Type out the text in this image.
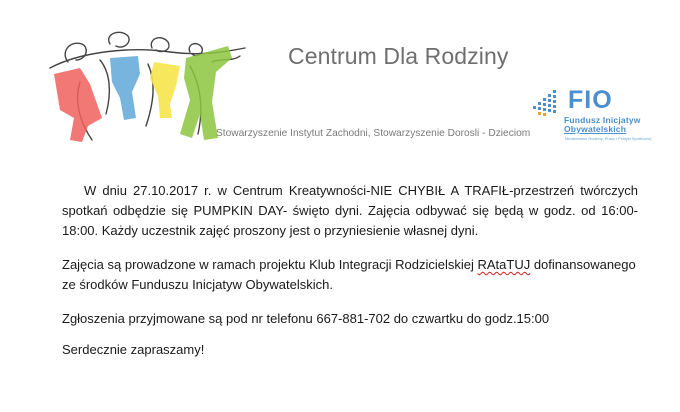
Centrum Dla Rodziny
Stowarzyszenie Instytut Zachodni, Stowarzyszenie Dorosli - Dzieciom
FIO
Fundusz Inicjatyw
Obywatelskich
Ministerstwo Rodziny, Pracy i Polityki Społecznej

W dniu 27.10.2017 r. w Centrum Kreatywności-NIE CHYBIŁ A TRAFIŁ-przestrzeń twórczych spotkań odbędzie się PUMPKIN DAY- święto dyni. Zajęcia odbywać się będą w godz. od 16:00-18:00. Każdy uczestnik zajęć proszony jest o przyniesienie własnej dyni.

Zajęcia są prowadzone w ramach projektu Klub Integracji Rodzicielskiej RAtaTUJ dofinansowanego ze środków Funduszu Inicjatyw Obywatelskich.

Zgłoszenia przyjmowane są pod nr telefonu 667-881-702 do czwartku do godz.15:00

Serdecznie zapraszamy!
